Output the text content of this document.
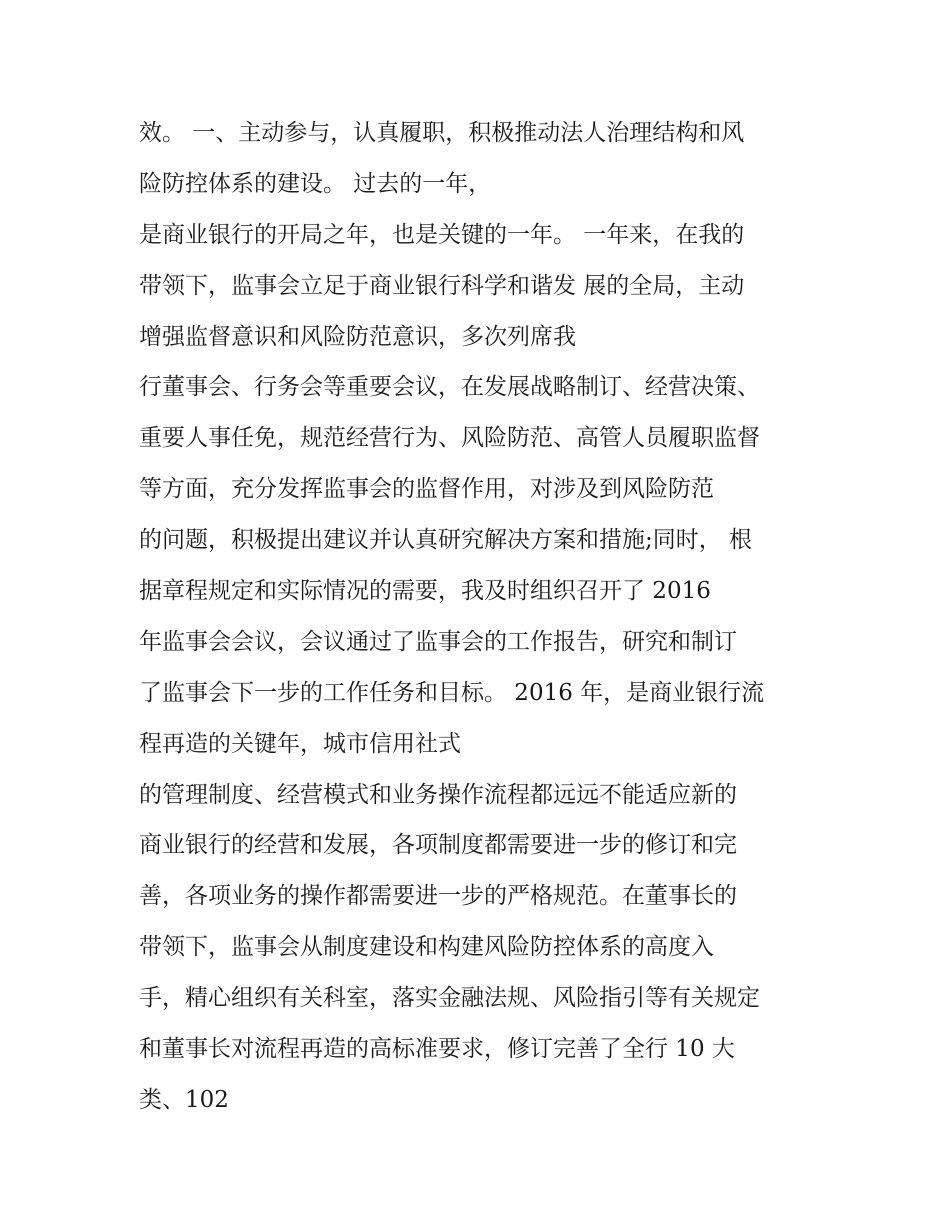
效。 一、主动参与，认真履职，积极推动法人治理结构和风
险防控体系的建设。 过去的一年，
是商业银行的开局之年，也是关键的一年。 一年来，在我的
带领下，监事会立足于商业银行科学和谐发 展的全局，主动
增强监督意识和风险防范意识，多次列席我
行董事会、行务会等重要会议，在发展战略制订、经营决策、
重要人事任免，规范经营行为、风险防范、高管人员履职监督
等方面，充分发挥监事会的监督作用，对涉及到风险防范
的问题，积极提出建议并认真研究解决方案和措施;同时， 根
据章程规定和实际情况的需要，我及时组织召开了 2016
年监事会会议，会议通过了监事会的工作报告，研究和制订
了监事会下一步的工作任务和目标。 2016 年，是商业银行流
程再造的关键年，城市信用社式
的管理制度、经营模式和业务操作流程都远远不能适应新的
商业银行的经营和发展，各项制度都需要进一步的修订和完
善，各项业务的操作都需要进一步的严格规范。在董事长的
带领下，监事会从制度建设和构建风险防控体系的高度入
手，精心组织有关科室，落实金融法规、风险指引等有关规定
和董事长对流程再造的高标准要求，修订完善了全行 10 大
类、102
